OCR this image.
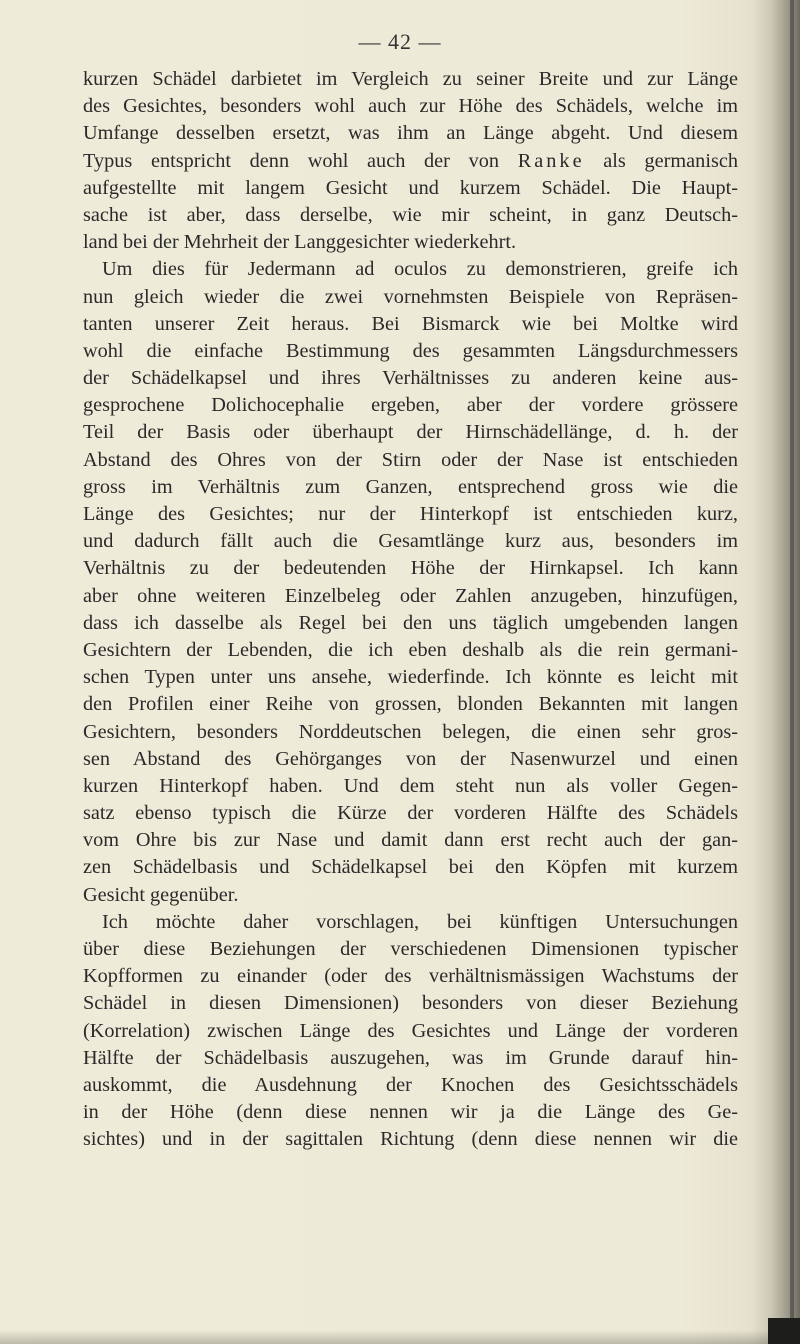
— 42 —
kurzen Schädel darbietet im Vergleich zu seiner Breite und zur Länge
des Gesichtes, besonders wohl auch zur Höhe des Schädels, welche im
Umfange desselben ersetzt, was ihm an Länge abgeht. Und diesem
Typus entspricht denn wohl auch der von Ranke als germanisch
aufgestellte mit langem Gesicht und kurzem Schädel. Die Haupt-
sache ist aber, dass derselbe, wie mir scheint, in ganz Deutsch-
land bei der Mehrheit der Langgesichter wiederkehrt.
Um dies für Jedermann ad oculos zu demonstrieren, greife ich
nun gleich wieder die zwei vornehmsten Beispiele von Repräsen-
tanten unserer Zeit heraus. Bei Bismarck wie bei Moltke wird
wohl die einfache Bestimmung des gesammten Längsdurchmessers
der Schädelkapsel und ihres Verhältnisses zu anderen keine aus-
gesprochene Dolichocephalie ergeben, aber der vordere grössere
Teil der Basis oder überhaupt der Hirnschädellänge, d. h. der
Abstand des Ohres von der Stirn oder der Nase ist entschieden
gross im Verhältnis zum Ganzen, entsprechend gross wie die
Länge des Gesichtes; nur der Hinterkopf ist entschieden kurz,
und dadurch fällt auch die Gesamtlänge kurz aus, besonders im
Verhältnis zu der bedeutenden Höhe der Hirnkapsel. Ich kann
aber ohne weiteren Einzelbeleg oder Zahlen anzugeben, hinzufügen,
dass ich dasselbe als Regel bei den uns täglich umgebenden langen
Gesichtern der Lebenden, die ich eben deshalb als die rein germani-
schen Typen unter uns ansehe, wiederfinde. Ich könnte es leicht mit
den Profilen einer Reihe von grossen, blonden Bekannten mit langen
Gesichtern, besonders Norddeutschen belegen, die einen sehr gros-
sen Abstand des Gehörganges von der Nasenwurzel und einen
kurzen Hinterkopf haben. Und dem steht nun als voller Gegen-
satz ebenso typisch die Kürze der vorderen Hälfte des Schädels
vom Ohre bis zur Nase und damit dann erst recht auch der gan-
zen Schädelbasis und Schädelkapsel bei den Köpfen mit kurzem
Gesicht gegenüber.
Ich möchte daher vorschlagen, bei künftigen Untersuchungen
über diese Beziehungen der verschiedenen Dimensionen typischer
Kopfformen zu einander (oder des verhältnismässigen Wachstums der
Schädel in diesen Dimensionen) besonders von dieser Beziehung
(Korrelation) zwischen Länge des Gesichtes und Länge der vorderen
Hälfte der Schädelbasis auszugehen, was im Grunde darauf hin-
auskommt, die Ausdehnung der Knochen des Gesichtsschädels
in der Höhe (denn diese nennen wir ja die Länge des Ge-
sichtes) und in der sagittalen Richtung (denn diese nennen wir die
